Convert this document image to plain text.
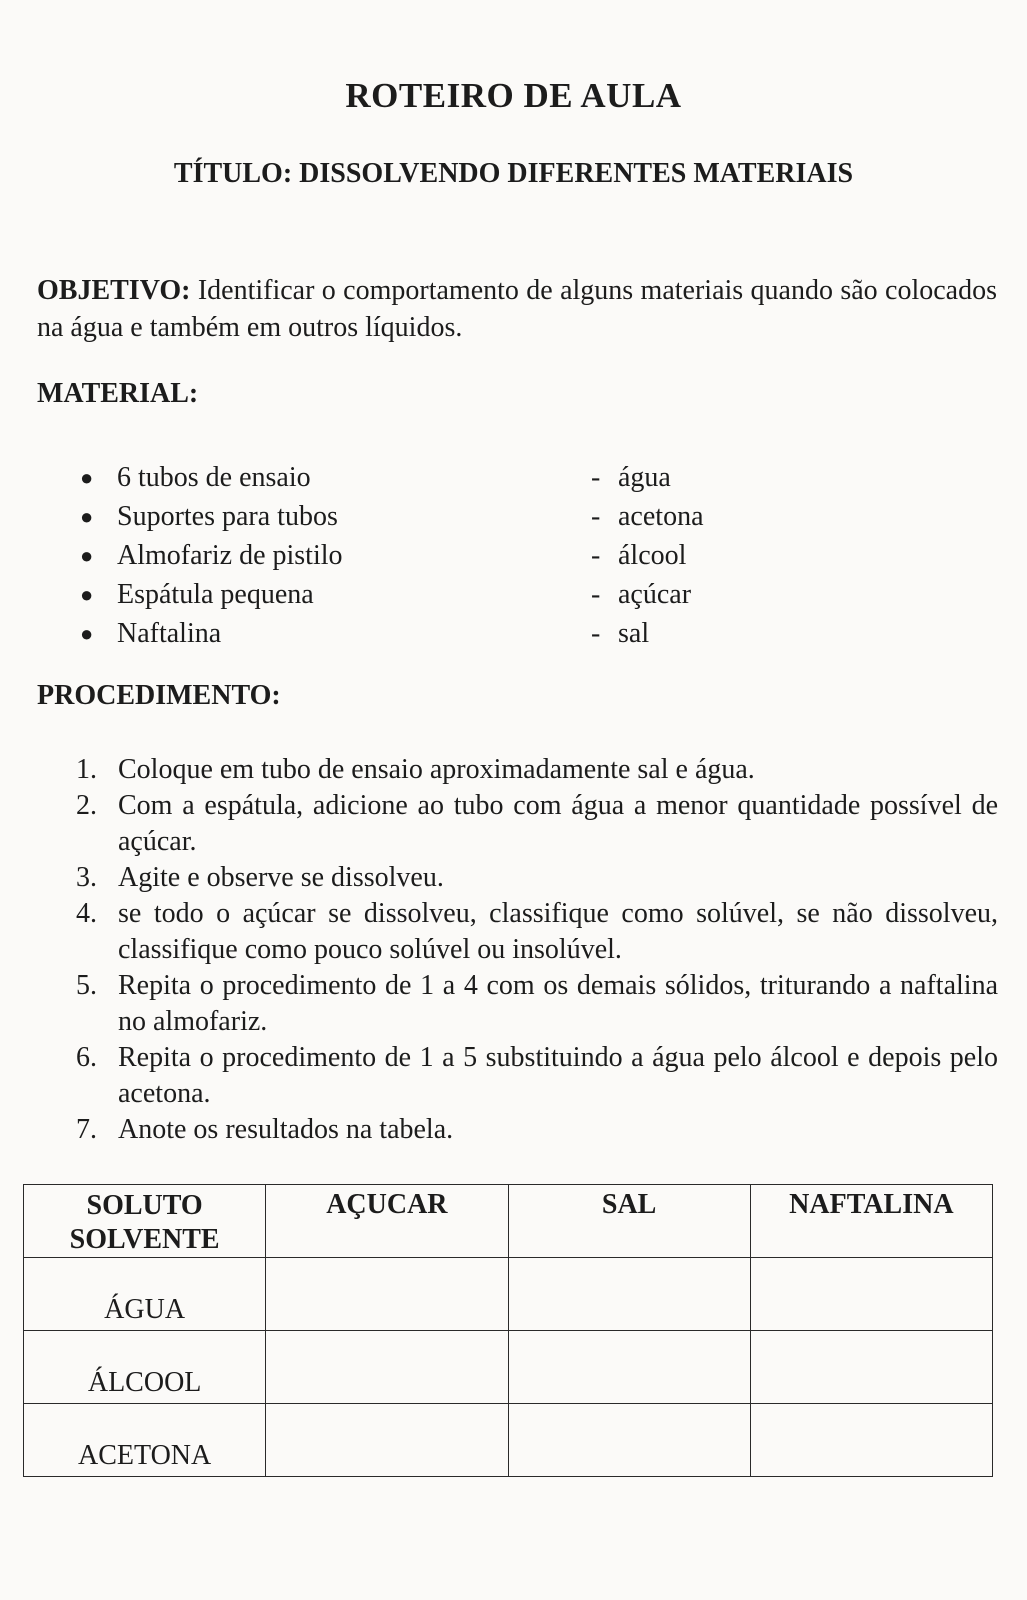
ROTEIRO DE AULA
TÍTULO: DISSOLVENDO DIFERENTES MATERIAIS
OBJETIVO: Identificar o comportamento de alguns materiais quando são colocados na água e também em outros líquidos.
MATERIAL:
● 6 tubos de ensaio
● Suportes para tubos
● Almofariz de pistilo
● Espátula pequena
● Naftalina
- água
- acetona
- álcool
- açúcar
- sal
PROCEDIMENTO:
1. Coloque em tubo de ensaio aproximadamente sal e água.
2. Com a espátula, adicione ao tubo com água a menor quantidade possível de açúcar.
3. Agite e observe se dissolveu.
4. se todo o açúcar se dissolveu, classifique como solúvel, se não dissolveu, classifique como pouco solúvel ou insolúvel.
5. Repita o procedimento de 1 a 4 com os demais sólidos, triturando a naftalina no almofariz.
6. Repita o procedimento de 1 a 5 substituindo a água pelo álcool e depois pelo acetona.
7. Anote os resultados na tabela.
SOLUTO
SOLVENTE	AÇUCAR	SAL	NAFTALINA
ÁGUA			
ÁLCOOL			
ACETONA			
